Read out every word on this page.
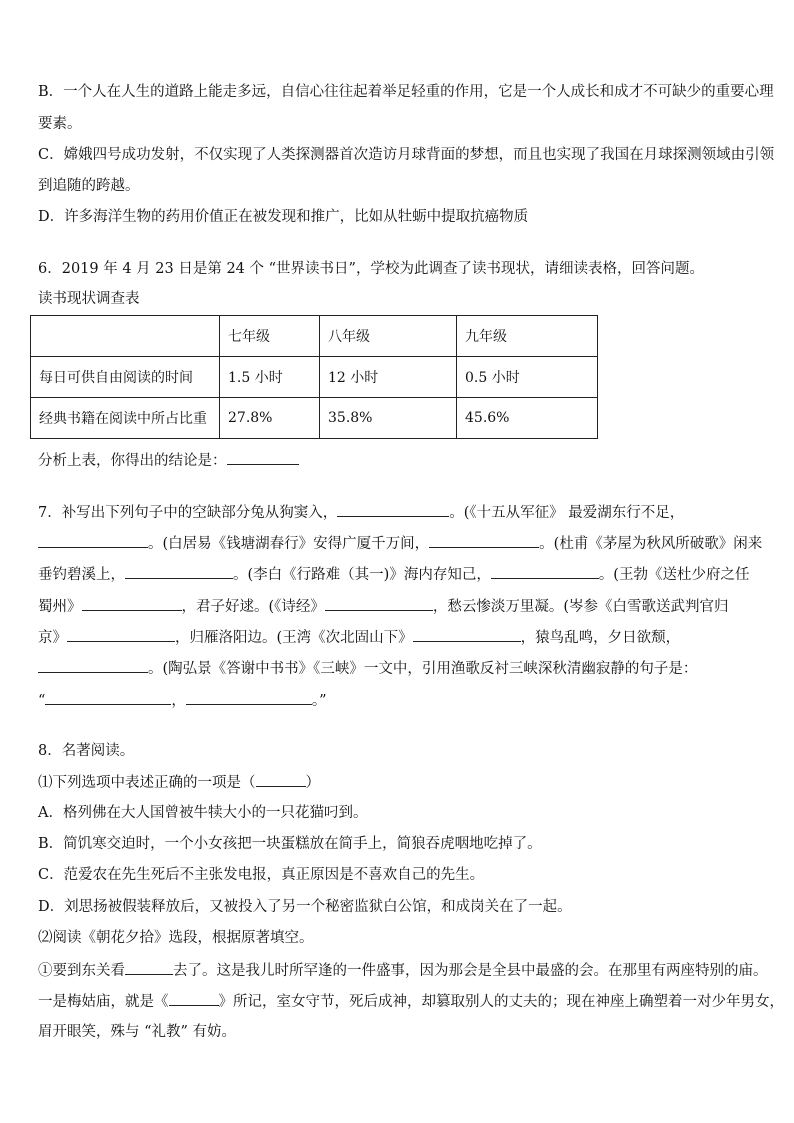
B．一个人在人生的道路上能走多远，自信心往往起着举足轻重的作用，它是一个人成长和成才不可缺少的重要心理
要素。
C．嫦娥四号成功发射，不仅实现了人类探测器首次造访月球背面的梦想，而且也实现了我国在月球探测领域由引领
到追随的跨越。
D．许多海洋生物的药用价值正在被发现和推广，比如从牡蛎中提取抗癌物质
6．2019 年 4 月 23 日是第 24 个 “世界读书日”，学校为此调查了读书现状，请细读表格，回答问题。
读书现状调查表
	七年级	八年级	九年级
每日可供自由阅读的时间	1.5 小时	12 小时	0.5 小时
经典书籍在阅读中所占比重	27.8%	35.8%	45.6%
分析上表，你得出的结论是：
7．补写出下列句子中的空缺部分兔从狗窦入，	。(《十五从军征》 最爱湖东行不足，
。(白居易《钱塘湖春行》安得广厦千万间，	。(杜甫《茅屋为秋风所破歌》闲来
垂钓碧溪上，	。(李白《行路难（其一)》海内存知己，	。(王勃《送杜少府之任
蜀州》	，君子好逑。(《诗经》	，愁云惨淡万里凝。(岑参《白雪歌送武判官归
京》	，归雁洛阳边。(王湾《次北固山下》	，猿鸟乱鸣，夕日欲颓，
。(陶弘景《答谢中书书》《三峡》一文中，引用渔歌反衬三峡深秋清幽寂静的句子是：
“	，	。”
8．名著阅读。
⑴下列选项中表述正确的一项是（	）
A．格列佛在大人国曾被牛犊大小的一只花猫叼到。
B．简饥寒交迫时，一个小女孩把一块蛋糕放在简手上，简狼吞虎咽地吃掉了。
C．范爱农在先生死后不主张发电报，真正原因是不喜欢自己的先生。
D．刘思扬被假装释放后，又被投入了另一个秘密监狱白公馆，和成岗关在了一起。
⑵阅读《朝花夕拾》选段，根据原著填空。
①要到东关看	去了。这是我儿时所罕逢的一件盛事，因为那会是全县中最盛的会。在那里有两座特别的庙。
一是梅姑庙，就是《	》所记，室女守节，死后成神，却篡取别人的丈夫的；现在神座上确塑着一对少年男女，
眉开眼笑，殊与 “礼教” 有妨。
